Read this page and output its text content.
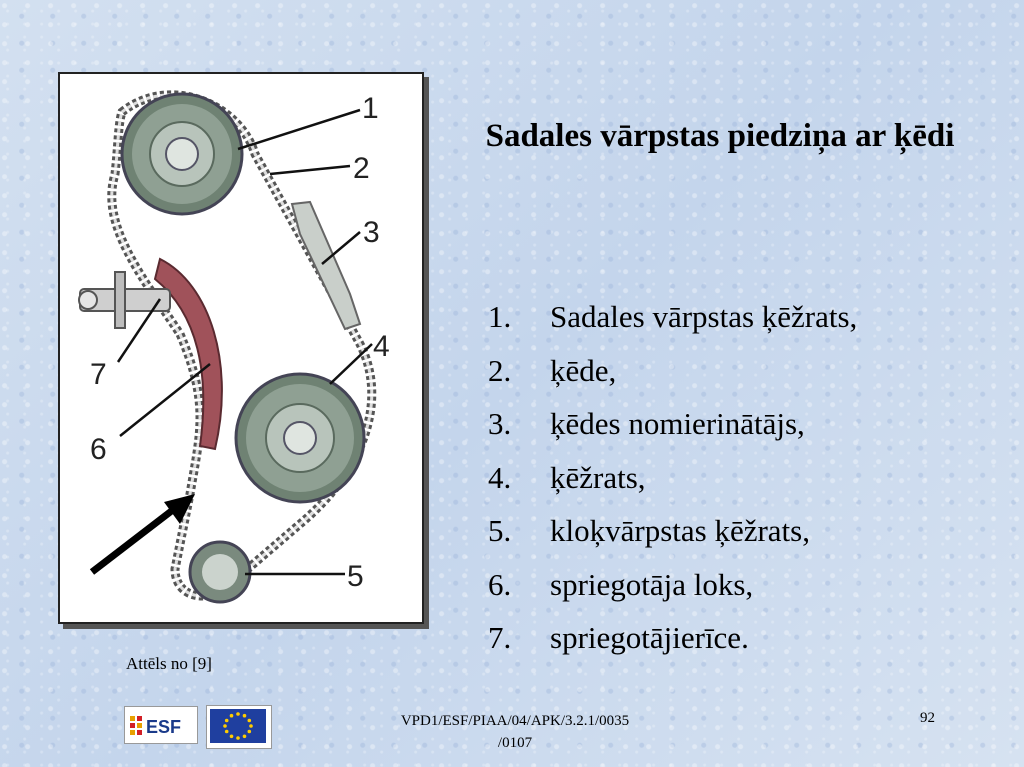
1
2
3
4
5
6
7
Sadales vārpstas piedziņa ar ķēdi
1.	Sadales vārpstas ķēžrats,
2.	ķēde,
3.	ķēdes nomierinātājs,
4.	ķēžrats,
5.	kloķvārpstas ķēžrats,
6.	spriegotāja loks,
7.	spriegotājierīce.
Attēls no [9]
ESF	VPD1/ESF/PIAA/04/APK/3.2.1/0035
/0107
92
